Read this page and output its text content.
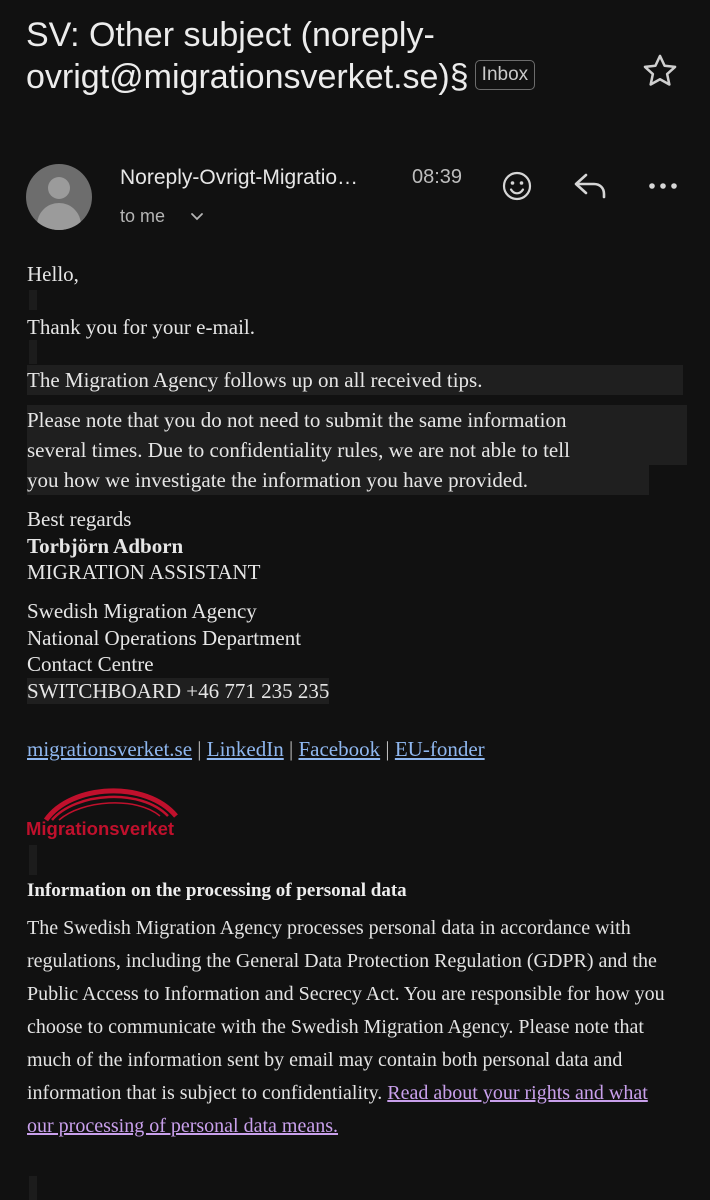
SV: Other subject (noreply-ovrigt@migrationsverket.se)§ Inbox
Noreply-Ovrigt-Migratio…	08:39
to me
Hello,
Thank you for your e-mail.
The Migration Agency follows up on all received tips.
Please note that you do not need to submit the same information
several times. Due to confidentiality rules, we are not able to tell
you how we investigate the information you have provided.
Best regards
Torbjörn Adborn
MIGRATION ASSISTANT
Swedish Migration Agency
National Operations Department
Contact Centre
SWITCHBOARD +46 771 235 235
migrationsverket.se | LinkedIn | Facebook | EU-fonder
Migrationsverket
Information on the processing of personal data
The Swedish Migration Agency processes personal data in accordance with regulations, including the General Data Protection Regulation (GDPR) and the Public Access to Information and Secrecy Act. You are responsible for how you choose to communicate with the Swedish Migration Agency. Please note that much of the information sent by email may contain both personal data and information that is subject to confidentiality. Read about your rights and what our processing of personal data means.
